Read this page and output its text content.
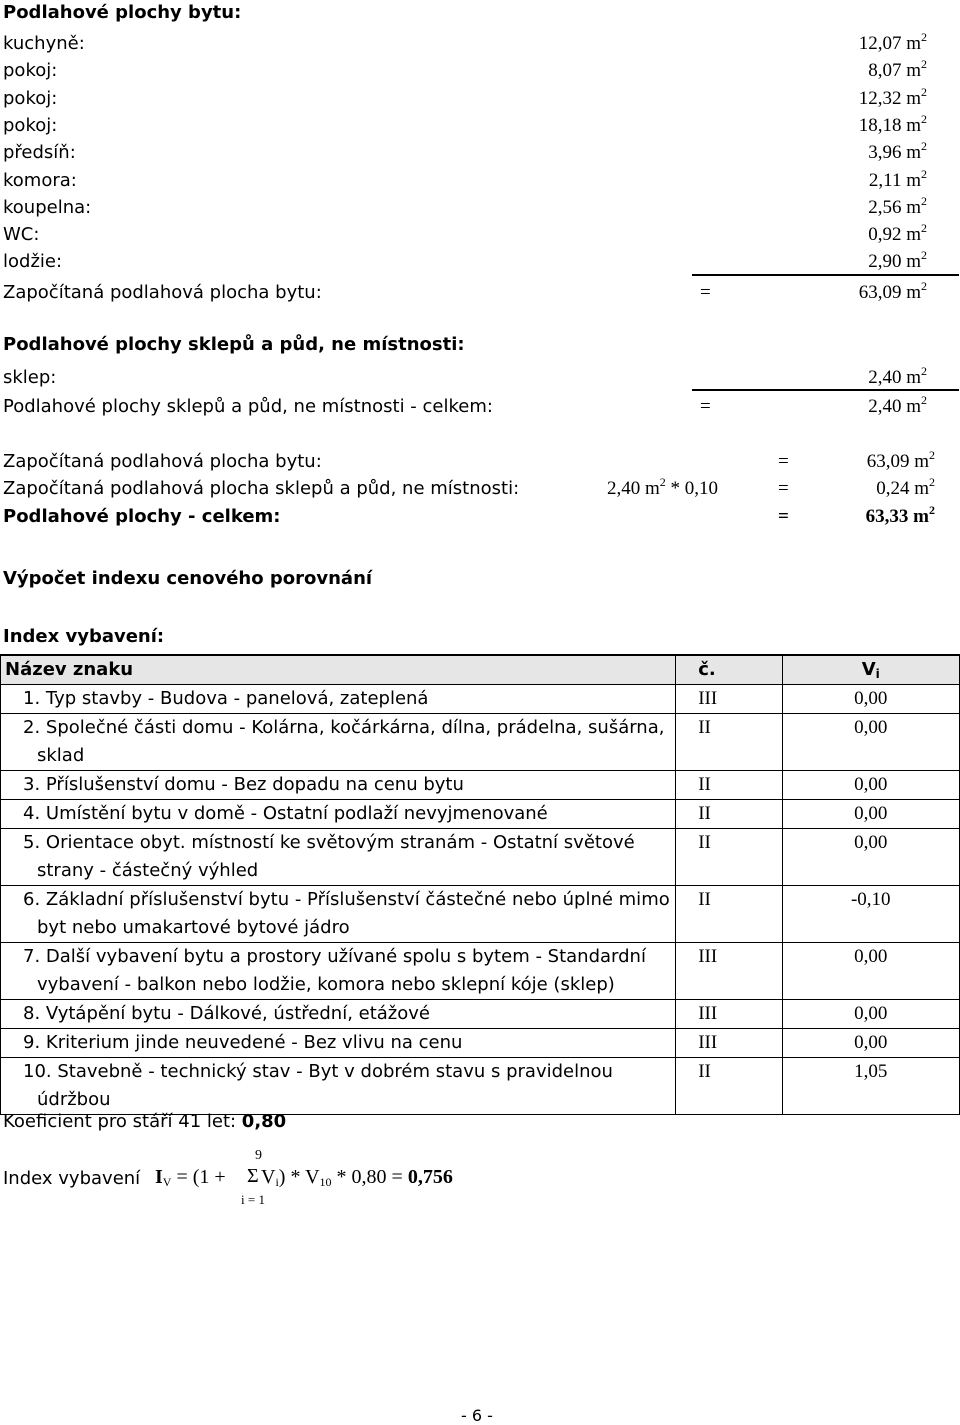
Podlahové plochy bytu:
kuchyně:	12,07 $m^2$
pokoj:	8,07 $m^2$
pokoj:	12,32 $m^2$
pokoj:	18,18 $m^2$
předsíň:	3,96 $m^2$
komora:	2,11 $m^2$
koupelna:	2,56 $m^2$
WC:	0,92 $m^2$
lodžie:	2,90 $m^2$
Započítaná podlahová plocha bytu:	=	63,09 $m^2$
Podlahové plochy sklepů a půd, ne místnosti:
sklep:	2,40 $m^2$
Podlahové plochy sklepů a půd, ne místnosti - celkem:	=	2,40 $m^2$
Započítaná podlahová plocha bytu:	=	63,09 $m^2$
Započítaná podlahová plocha sklepů a půd, ne místnosti:	2,40 $m^2 * 0,10$	=	0,24 $m^2$
Podlahové plochy - celkem:	=	63,33 $m^2$
Výpočet indexu cenového porovnání
Index vybavení:
Název znaku	č.	$V_i$

1. Typ stavby - Budova - panelová, zateplená	III	0,00

2. Společné části domu - Kolárna, kočárkárna, dílna, prádelna, sušárna, sklad	II	0,00

3. Příslušenství domu - Bez dopadu na cenu bytu	II	0,00

4. Umístění bytu v domě - Ostatní podlaží nevyjmenované	II	0,00

5. Orientace obyt. místností ke světovým stranám - Ostatní světové strany - částečný výhled	II	0,00

6. Základní příslušenství bytu - Příslušenství částečné nebo úplné mimo byt nebo umakartové bytové jádro	II	-0,10

7. Další vybavení bytu a prostory užívané spolu s bytem - Standardní vybavení - balkon nebo lodžie, komora nebo sklepní kóje (sklep)	III	0,00

8. Vytápění bytu - Dálkové, ústřední, etážové	III	0,00

9. Kriterium jinde neuvedené - Bez vlivu na cenu	III	0,00

10. Stavebně - technický stav - Byt v dobrém stavu s pravidelnou údržbou	II	1,05
Koeficient pro stáří 41 let: 0,80
Index vybavení $I_V = (1$ +
9
Σ
i = 1
$V_i) * V_{10} * 0,80 = 0,756$
- 6 -
